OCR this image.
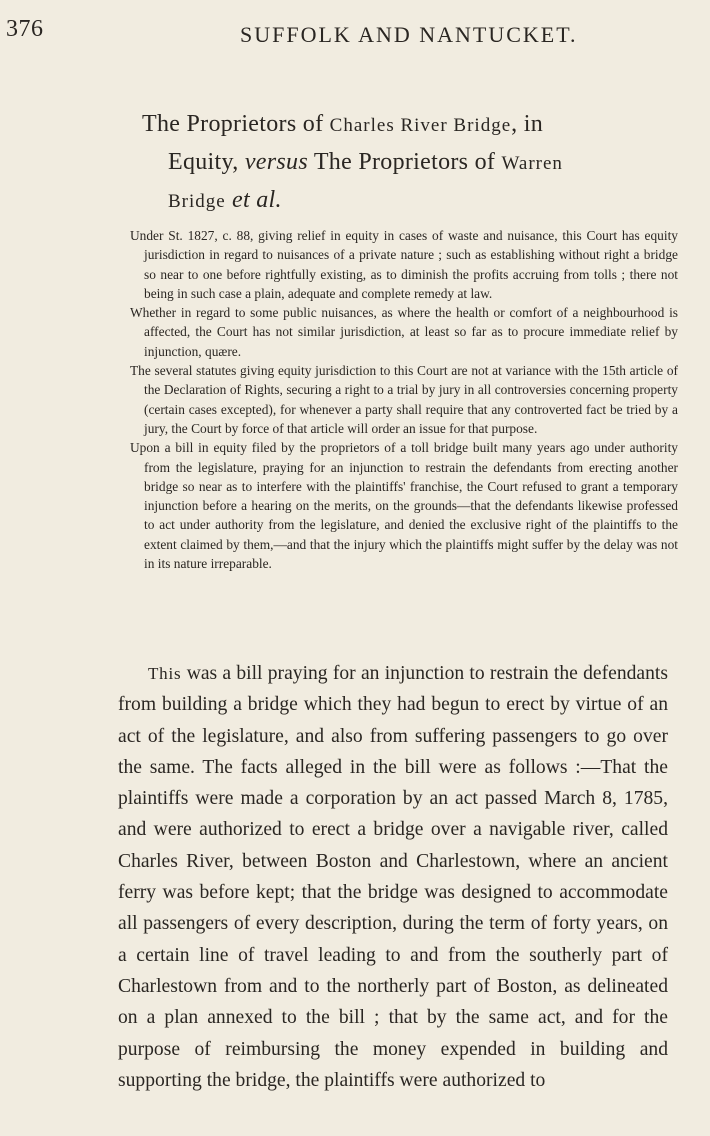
376	SUFFOLK AND NANTUCKET.
The Proprietors of Charles River Bridge, in
Equity, versus The Proprietors of Warren
Bridge et al.

Under St. 1827, c. 88, giving relief in equity in cases of waste and nuisance, this Court has equity jurisdiction in regard to nuisances of a private nature ; such as establishing without right a bridge so near to one before rightfully existing, as to diminish the profits accruing from tolls ; there not being in such case a plain, adequate and complete remedy at law.

Whether in regard to some public nuisances, as where the health or comfort of a neighbourhood is affected, the Court has not similar jurisdiction, at least so far as to procure immediate relief by injunction, quære.

The several statutes giving equity jurisdiction to this Court are not at variance with the 15th article of the Declaration of Rights, securing a right to a trial by jury in all controversies concerning property (certain cases excepted), for whenever a party shall require that any controverted fact be tried by a jury, the Court by force of that article will order an issue for that purpose.

Upon a bill in equity filed by the proprietors of a toll bridge built many years ago under authority from the legislature, praying for an injunction to restrain the defendants from erecting another bridge so near as to interfere with the plaintiffs' franchise, the Court refused to grant a temporary injunction before a hearing on the merits, on the grounds—that the defendants likewise professed to act under authority from the legislature, and denied the exclusive right of the plaintiffs to the extent claimed by them,—and that the injury which the plaintiffs might suffer by the delay was not in its nature irreparable.

This was a bill praying for an injunction to restrain the defendants from building a bridge which they had begun to erect by virtue of an act of the legislature, and also from suffering passengers to go over the same. The facts alleged in the bill were as follows :—That the plaintiffs were made a corporation by an act passed March 8, 1785, and were authorized to erect a bridge over a navigable river, called Charles River, between Boston and Charlestown, where an ancient ferry was before kept; that the bridge was designed to accommodate all passengers of every description, during the term of forty years, on a certain line of travel leading to and from the southerly part of Charlestown from and to the northerly part of Boston, as delineated on a plan annexed to the bill ; that by the same act, and for the purpose of reimbursing the money expended in building and supporting the bridge, the plaintiffs were authorized to
